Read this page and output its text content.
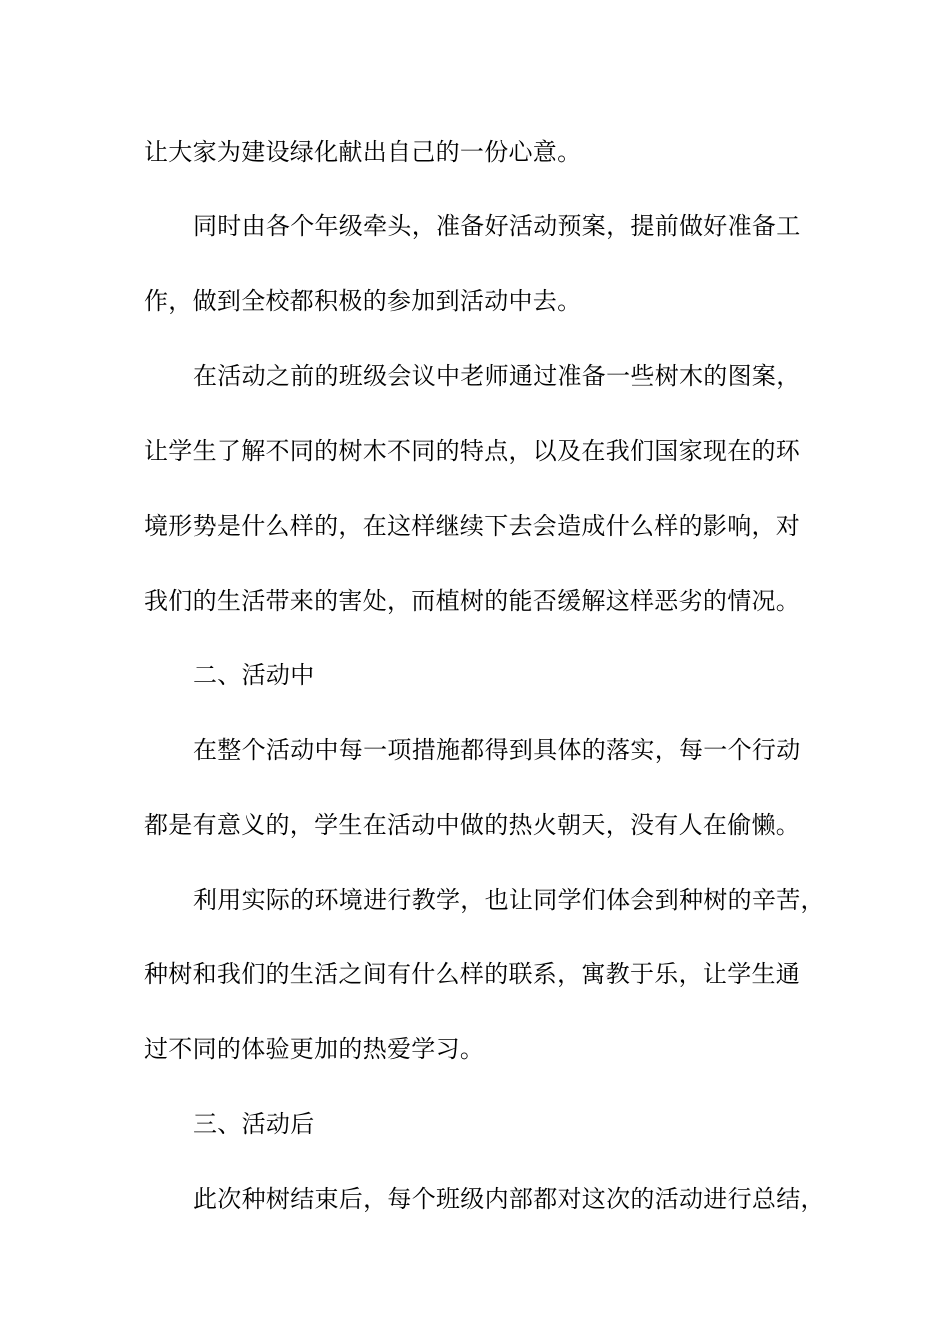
让大家为建设绿化献出自己的一份心意。
同时由各个年级牵头，准备好活动预案，提前做好准备工
作，做到全校都积极的参加到活动中去。
在活动之前的班级会议中老师通过准备一些树木的图案，
让学生了解不同的树木不同的特点，以及在我们国家现在的环
境形势是什么样的，在这样继续下去会造成什么样的影响，对
我们的生活带来的害处，而植树的能否缓解这样恶劣的情况。
二、活动中
在整个活动中每一项措施都得到具体的落实，每一个行动
都是有意义的，学生在活动中做的热火朝天，没有人在偷懒。
利用实际的环境进行教学，也让同学们体会到种树的辛苦，
种树和我们的生活之间有什么样的联系，寓教于乐，让学生通
过不同的体验更加的热爱学习。
三、活动后
此次种树结束后，每个班级内部都对这次的活动进行总结，
